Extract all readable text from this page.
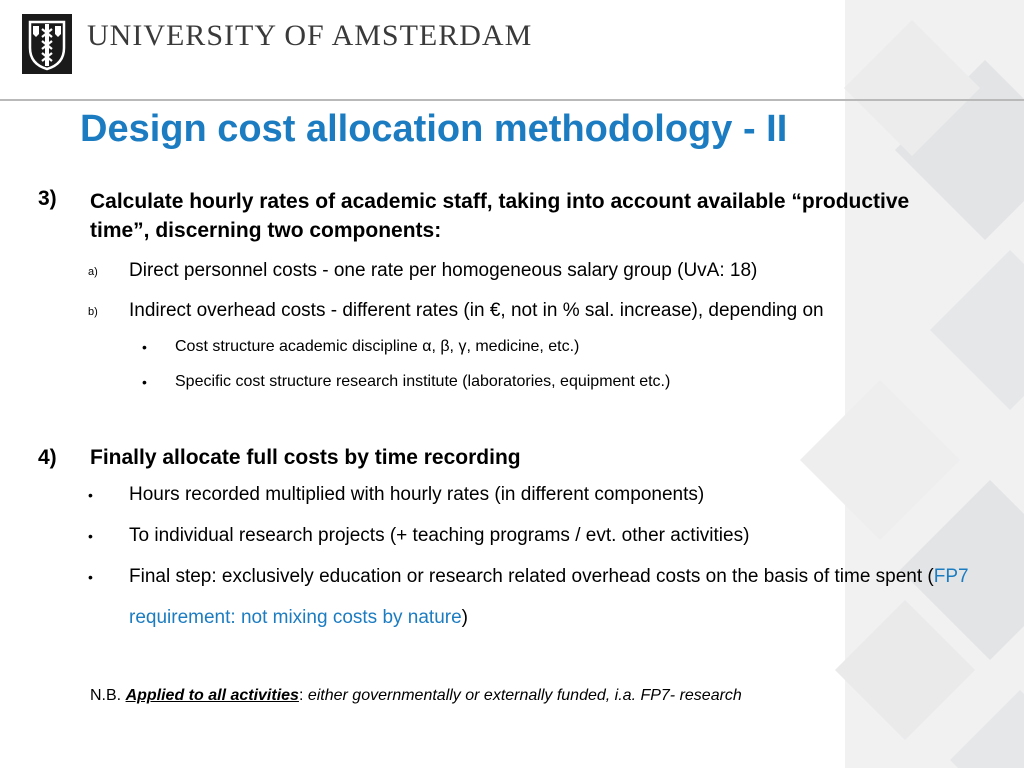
UNIVERSITY OF AMSTERDAM
Design cost allocation methodology - II
3) Calculate hourly rates of academic staff, taking into account available “productive time”, discerning two components:
a) Direct personnel costs - one rate per homogeneous salary group (UvA: 18)
b) Indirect overhead costs - different rates (in €, not in % sal. increase), depending on
• Cost structure academic discipline α, β, γ, medicine, etc.)
• Specific cost structure research institute (laboratories, equipment etc.)
4) Finally allocate full costs by time recording
• Hours recorded multiplied with hourly rates (in different components)
• To individual research projects (+ teaching programs / evt. other activities)
• Final step: exclusively education or research related overhead costs on the basis of time spent (FP7 requirement: not mixing costs by nature)
N.B. Applied to all activities: either governmentally or externally funded, i.a. FP7- research
